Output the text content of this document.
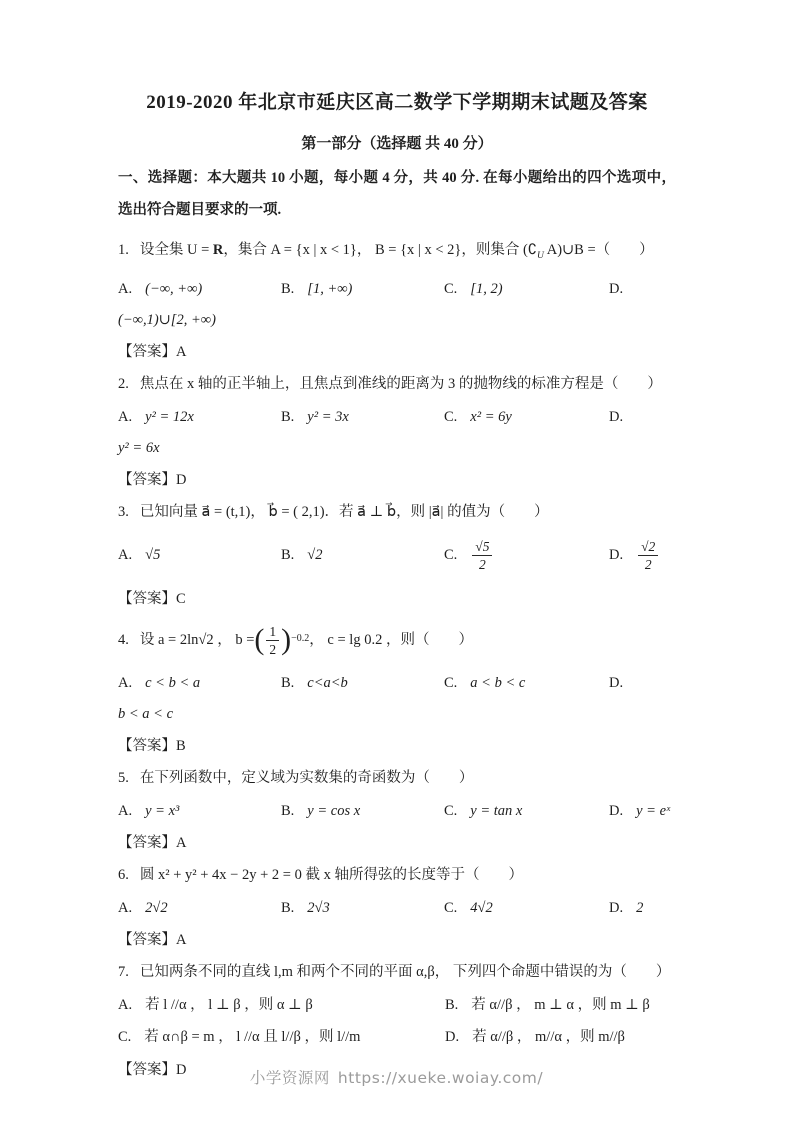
2019-2020 年北京市延庆区高二数学下学期期末试题及答案
第一部分（选择题 共 40 分）

一、选择题：本大题共 10 小题，每小题 4 分，共 40 分. 在每小题给出的四个选项中，选出符合题目要求的一项.

1. 设全集 U = R，集合 A = {x | x < 1}， B = {x | x < 2}，则集合 ($∁_U$ A)∪B =（　　）
A. (−∞, +∞)	B. [1, +∞)	C. [1, 2)	D.
(−∞,1)∪[2, +∞)
【答案】A
2. 焦点在 x 轴的正半轴上，且焦点到准线的距离为 3 的抛物线的标准方程是（　　）
A. y² = 12x	B. y² = 3x	C. x² = 6y	D.
y² = 6x
【答案】D
3. 已知向量 a⃗ = (t,1)， b⃗ = ( 2,1)．若 a⃗ ⊥ b⃗，则 |a⃗| 的值为（　　）
A. √5	B. √2	C. $\frac{√5}{2}$	D. $\frac{√2}{2}$
【答案】C
4. 设 a = 2ln√2 ， b = ( $\frac{1}{2} )^{-0.2}$ ， c = lg 0.2 ，则（　　）
A. c < b < a	B. c<a<b	C. a < b < c	D.
b < a < c
【答案】B
5. 在下列函数中，定义域为实数集的奇函数为（　　）
A. y = x³	B. y = cos x	C. y = tan x	D. y = eˣ
【答案】A
6. 圆 x² + y² + 4x − 2y + 2 = 0 截 x 轴所得弦的长度等于（　　）
A. 2√2	B. 2√3	C. 4√2	D. 2
【答案】A
7. 已知两条不同的直线 l,m 和两个不同的平面 α,β， 下列四个命题中错误的为（　　）
A. 若 l //α ， l ⊥ β ，则 α ⊥ β	B. 若 α//β ， m ⊥ α ，则 m ⊥ β
C. 若 α∩β = m ， l //α 且 l//β ，则 l//m	D. 若 α//β ， m//α ，则 m//β
【答案】D	小学资源网 https://xueke.woiay.com/
